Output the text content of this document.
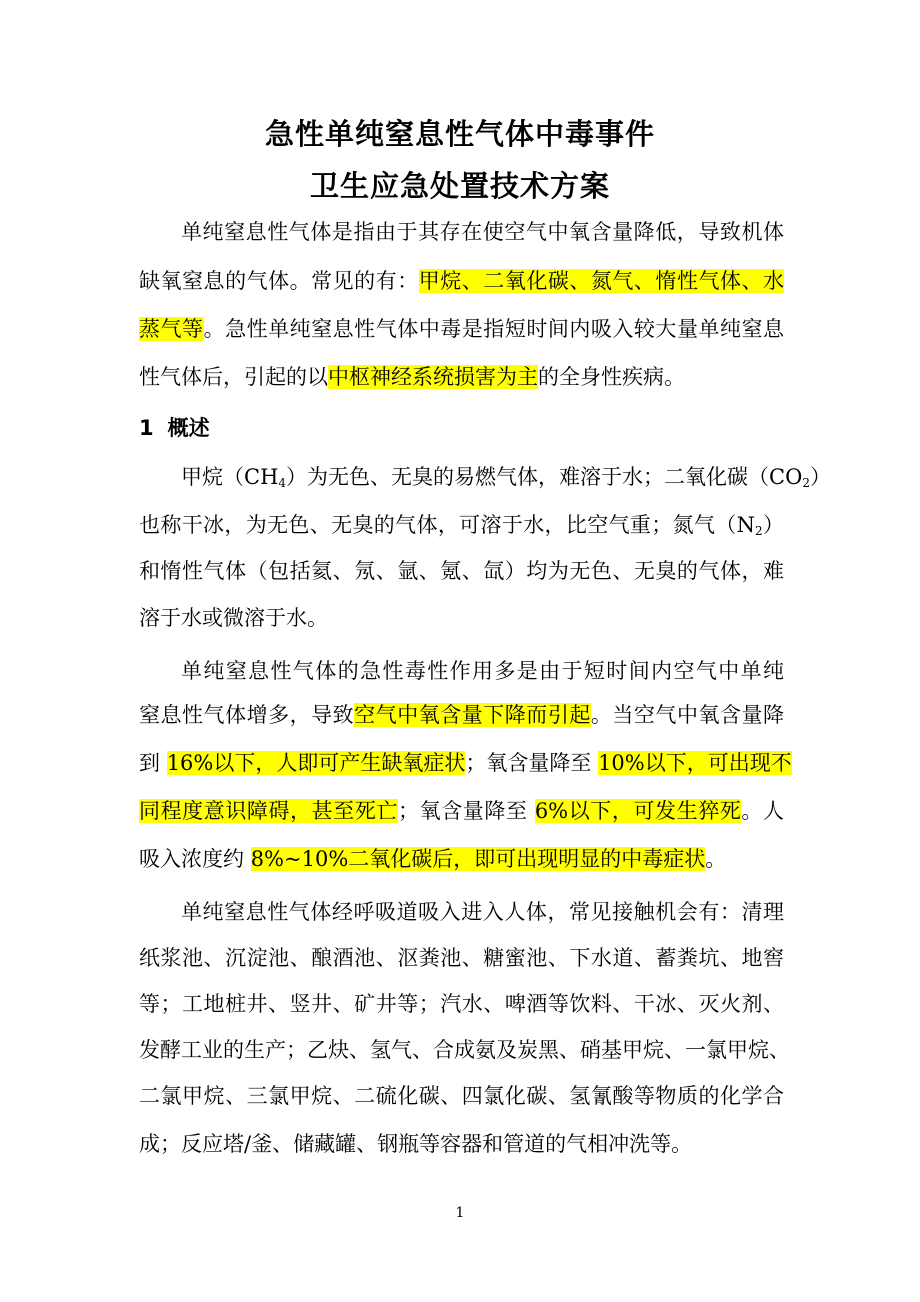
急性单纯窒息性气体中毒事件
卫生应急处置技术方案
单纯窒息性气体是指由于其存在使空气中氧含量降低，导致机体
缺氧窒息的气体。常见的有：甲烷、二氧化碳、氮气、惰性气体、水
蒸气等。急性单纯窒息性气体中毒是指短时间内吸入较大量单纯窒息
性气体后，引起的以中枢神经系统损害为主的全身性疾病。
1 概述
甲烷$(CH_4)$为无色、无臭的易燃气体，难溶于水；二氧化碳$(CO_2)$
也称干冰，为无色、无臭的气体，可溶于水，比空气重；氮气$(N_2)$
和惰性气体（包括氦、氖、氩、氪、氙）均为无色、无臭的气体，难
溶于水或微溶于水。
单纯窒息性气体的急性毒性作用多是由于短时间内空气中单纯
窒息性气体增多，导致空气中氧含量下降而引起。当空气中氧含量降
到 16%以下，人即可产生缺氧症状；氧含量降至 10%以下，可出现不
同程度意识障碍，甚至死亡；氧含量降至 6%以下，可发生猝死。人
吸入浓度约 8%~10%二氧化碳后，即可出现明显的中毒症状。
单纯窒息性气体经呼吸道吸入进入人体，常见接触机会有：清理
纸浆池、沉淀池、酿酒池、沤粪池、糖蜜池、下水道、蓄粪坑、地窖
等；工地桩井、竖井、矿井等；汽水、啤酒等饮料、干冰、灭火剂、
发酵工业的生产；乙炔、氢气、合成氨及炭黑、硝基甲烷、一氯甲烷、
二氯甲烷、三氯甲烷、二硫化碳、四氯化碳、氢氰酸等物质的化学合
成；反应塔/釜、储藏罐、钢瓶等容器和管道的气相冲洗等。
1
